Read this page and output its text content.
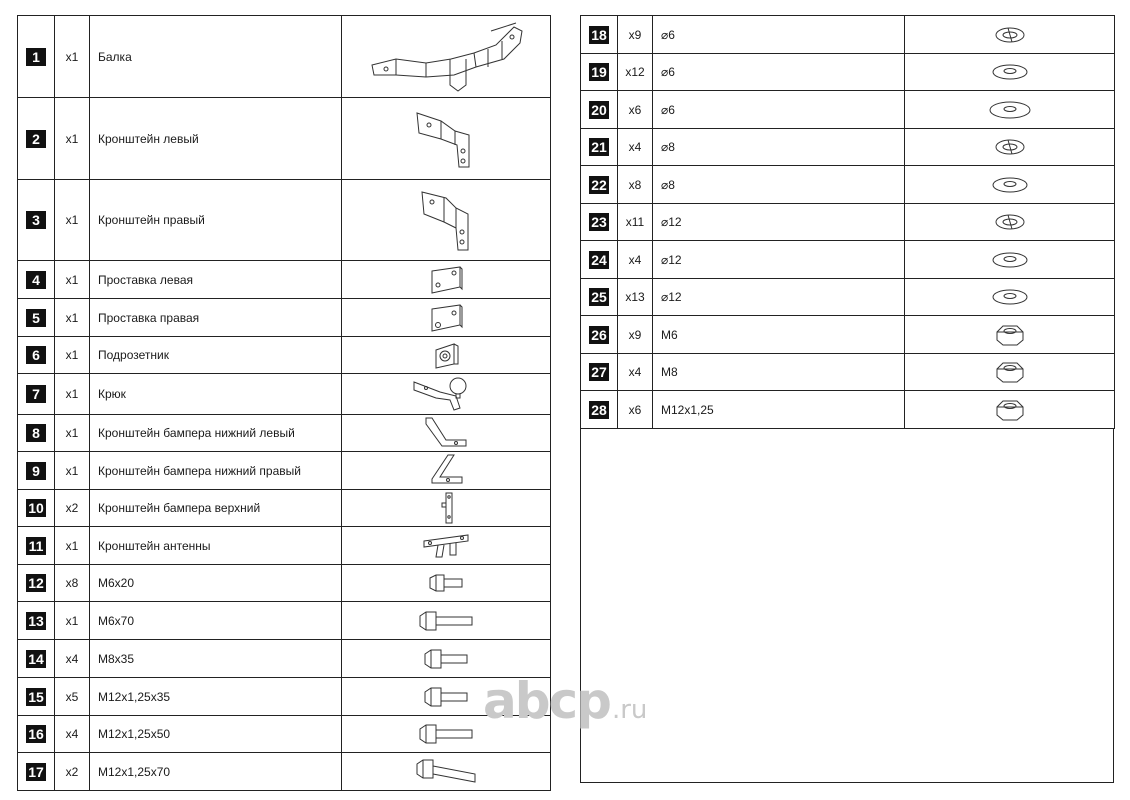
1	x1	Балка	

2	x1	Кронштейн левый	

3	x1	Кронштейн правый	

4	x1	Проставка левая	

5	x1	Проставка правая	

6	x1	Подрозетник	

7	x1	Крюк	

8	x1	Кронштейн бампера нижний левый	

9	x1	Кронштейн бампера нижний правый	

10	x2	Кронштейн бампера верхний	

11	x1	Кронштейн антенны	

12	x8	М6х20	

13	x1	М6х70	

14	x4	М8х35	

15	x5	М12х1,25х35	

16	x4	М12х1,25х50	

17	x2	М12х1,25х70	
18	x9	⌀6	

19	x12	⌀6	

20	x6	⌀6	

21	x4	⌀8	

22	x8	⌀8	

23	x11	⌀12	

24	x4	⌀12	

25	x13	⌀12	

26	x9	М6	

27	x4	М8	

28	x6	М12х1,25	
abcp .ru
